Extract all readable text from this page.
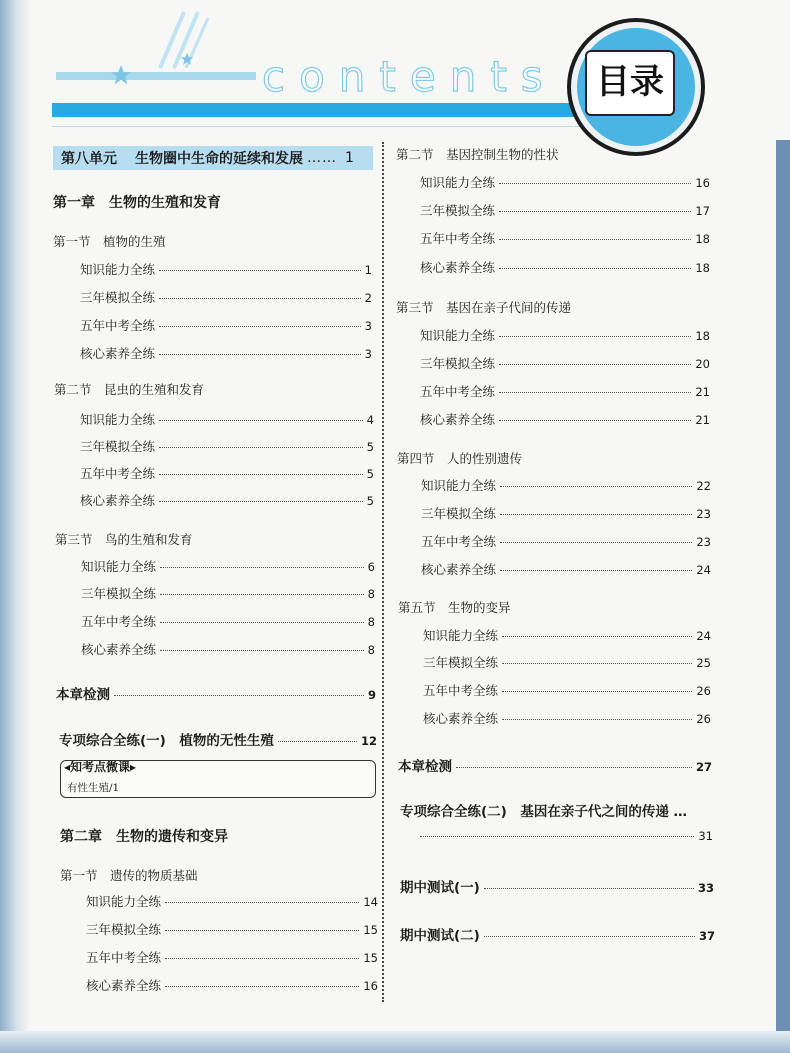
contents	目录
第八单元 生物圈中生命的延续和发展 …… 1
第一章　生物的生殖和发育
第一节　植物的生殖
知识能力全练	1
三年模拟全练	2
五年中考全练	3
核心素养全练	3
第二节　昆虫的生殖和发育
知识能力全练	4
三年模拟全练	5
五年中考全练	5
核心素养全练	5
第三节　鸟的生殖和发育
知识能力全练	6
三年模拟全练	8
五年中考全练	8
核心素养全练	8
本章检测	9
专项综合全练(一)　植物的无性生殖	12
◂知考点微课▸
有性生殖/1
第二章　生物的遗传和变异
第一节　遗传的物质基础
知识能力全练	14
三年模拟全练	15
五年中考全练	15
核心素养全练	16
第二节　基因控制生物的性状
知识能力全练	16
三年模拟全练	17
五年中考全练	18
核心素养全练	18
第三节　基因在亲子代间的传递
知识能力全练	18
三年模拟全练	20
五年中考全练	21
核心素养全练	21
第四节　人的性别遗传
知识能力全练	22
三年模拟全练	23
五年中考全练	23
核心素养全练	24
第五节　生物的变异
知识能力全练	24
三年模拟全练	25
五年中考全练	26
核心素养全练	26
本章检测	27
专项综合全练(二)　基因在亲子代之间的传递 …
31
期中测试(一)	33
期中测试(二)	37
